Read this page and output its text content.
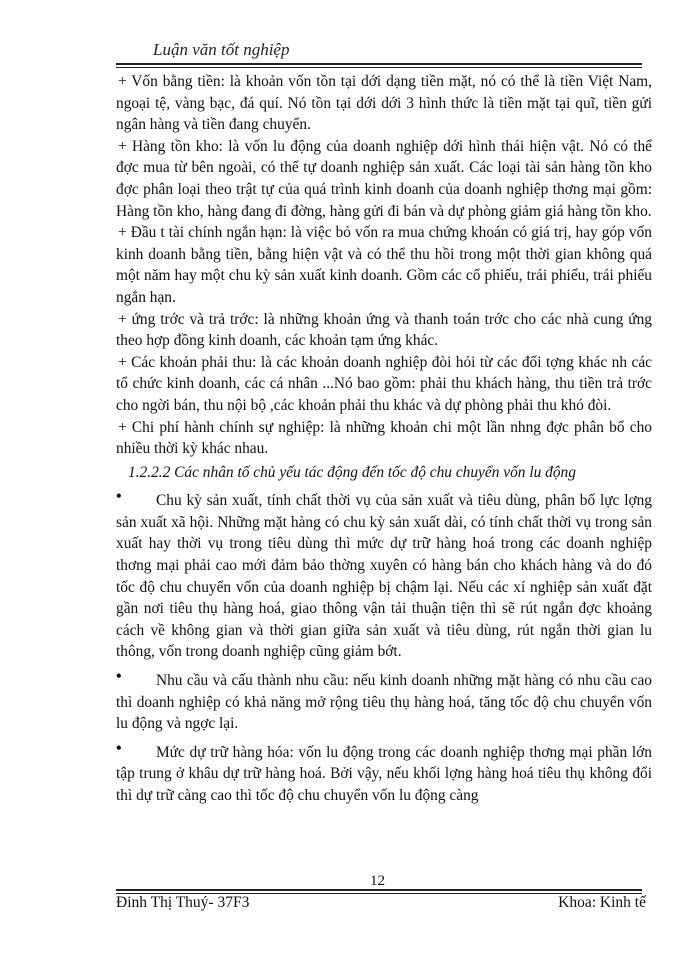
Luận văn tốt nghiệp

+ Vốn bằng tiền: là khoản vốn tồn tại dới dạng tiền mặt, nó có thể là tiền Việt Nam, ngoại tệ, vàng bạc, đá quí. Nó tồn tại dới dới 3 hình thức là tiền mặt tại quĩ, tiền gửi ngân hàng và tiền đang chuyển.

+ Hàng tồn kho: là vốn lu động của doanh nghiệp dới hình thái hiện vật. Nó có thể đợc mua từ bên ngoài, có thể tự doanh nghiệp sản xuất. Các loại tài sản hàng tồn kho đợc phân loại theo trật tự của quá trình kinh doanh của doanh nghiệp thơng mại gồm: Hàng tồn kho, hàng đang đi đờng, hàng gửi đi bán và dự phòng giảm giá hàng tồn kho.

+ Đầu t tài chính ngắn hạn: là việc bỏ vốn ra mua chứng khoán có giá trị, hay góp vốn kinh doanh bằng tiền, bằng hiện vật và có thể thu hồi trong một thời gian không quá một năm hay một chu kỳ sản xuất kinh doanh. Gồm các cổ phiếu, trái phiếu, trái phiếu ngắn hạn.

+ ứng trớc và trả trớc: là những khoản ứng và thanh toán trớc cho các nhà cung ứng theo hợp đồng kinh doanh, các khoản tạm ứng khác.

+ Các khoản phải thu: là các khoản doanh nghiệp đòi hỏi từ các đối tợng khác nh các tổ chức kinh doanh, các cá nhân ...Nó bao gồm: phải thu khách hàng, thu tiền trả trớc cho ngời bán, thu nội bộ ,các khoản phải thu khác và dự phòng phải thu khó đòi.

+ Chi phí hành chính sự nghiệp: là những khoản chi một lần nhng đợc phân bổ cho nhiều thời kỳ khác nhau.

1.2.2.2 Các nhân tố chủ yếu tác động đến tốc độ chu chuyển vốn lu động

• Chu kỳ sản xuất, tính chất thời vụ của sản xuất và tiêu dùng, phân bố lực lợng sản xuất xã hội. Những mặt hàng có chu kỳ sản xuất dài, có tính chất thời vụ trong sản xuất hay thời vụ trong tiêu dùng thì mức dự trữ hàng hoá trong các doanh nghiệp thơng mại phải cao mới đảm bảo thờng xuyên có hàng bán cho khách hàng và do đó tốc độ chu chuyển vốn của doanh nghiệp bị chậm lại. Nếu các xí nghiệp sản xuất đặt gần nơi tiêu thụ hàng hoá, giao thông vận tải thuận tiện thì sẽ rút ngắn đợc khoảng cách về không gian và thời gian giữa sản xuất và tiêu dùng, rút ngắn thời gian lu thông, vốn trong doanh nghiệp cũng giảm bớt.

• Nhu cầu và cấu thành nhu cầu: nếu kinh doanh những mặt hàng có nhu cầu cao thì doanh nghiệp có khả năng mở rộng tiêu thụ hàng hoá, tăng tốc độ chu chuyển vốn lu động và ngợc lại.

• Mức dự trữ hàng hóa: vốn lu động trong các doanh nghiệp thơng mại phần lớn tập trung ở khâu dự trữ hàng hoá. Bởi vậy, nếu khối lợng hàng hoá tiêu thụ không đổi thì dự trữ càng cao thì tốc độ chu chuyển vốn lu động càng

12
Đinh Thị Thuý- 37F3	Khoa: Kinh tế
